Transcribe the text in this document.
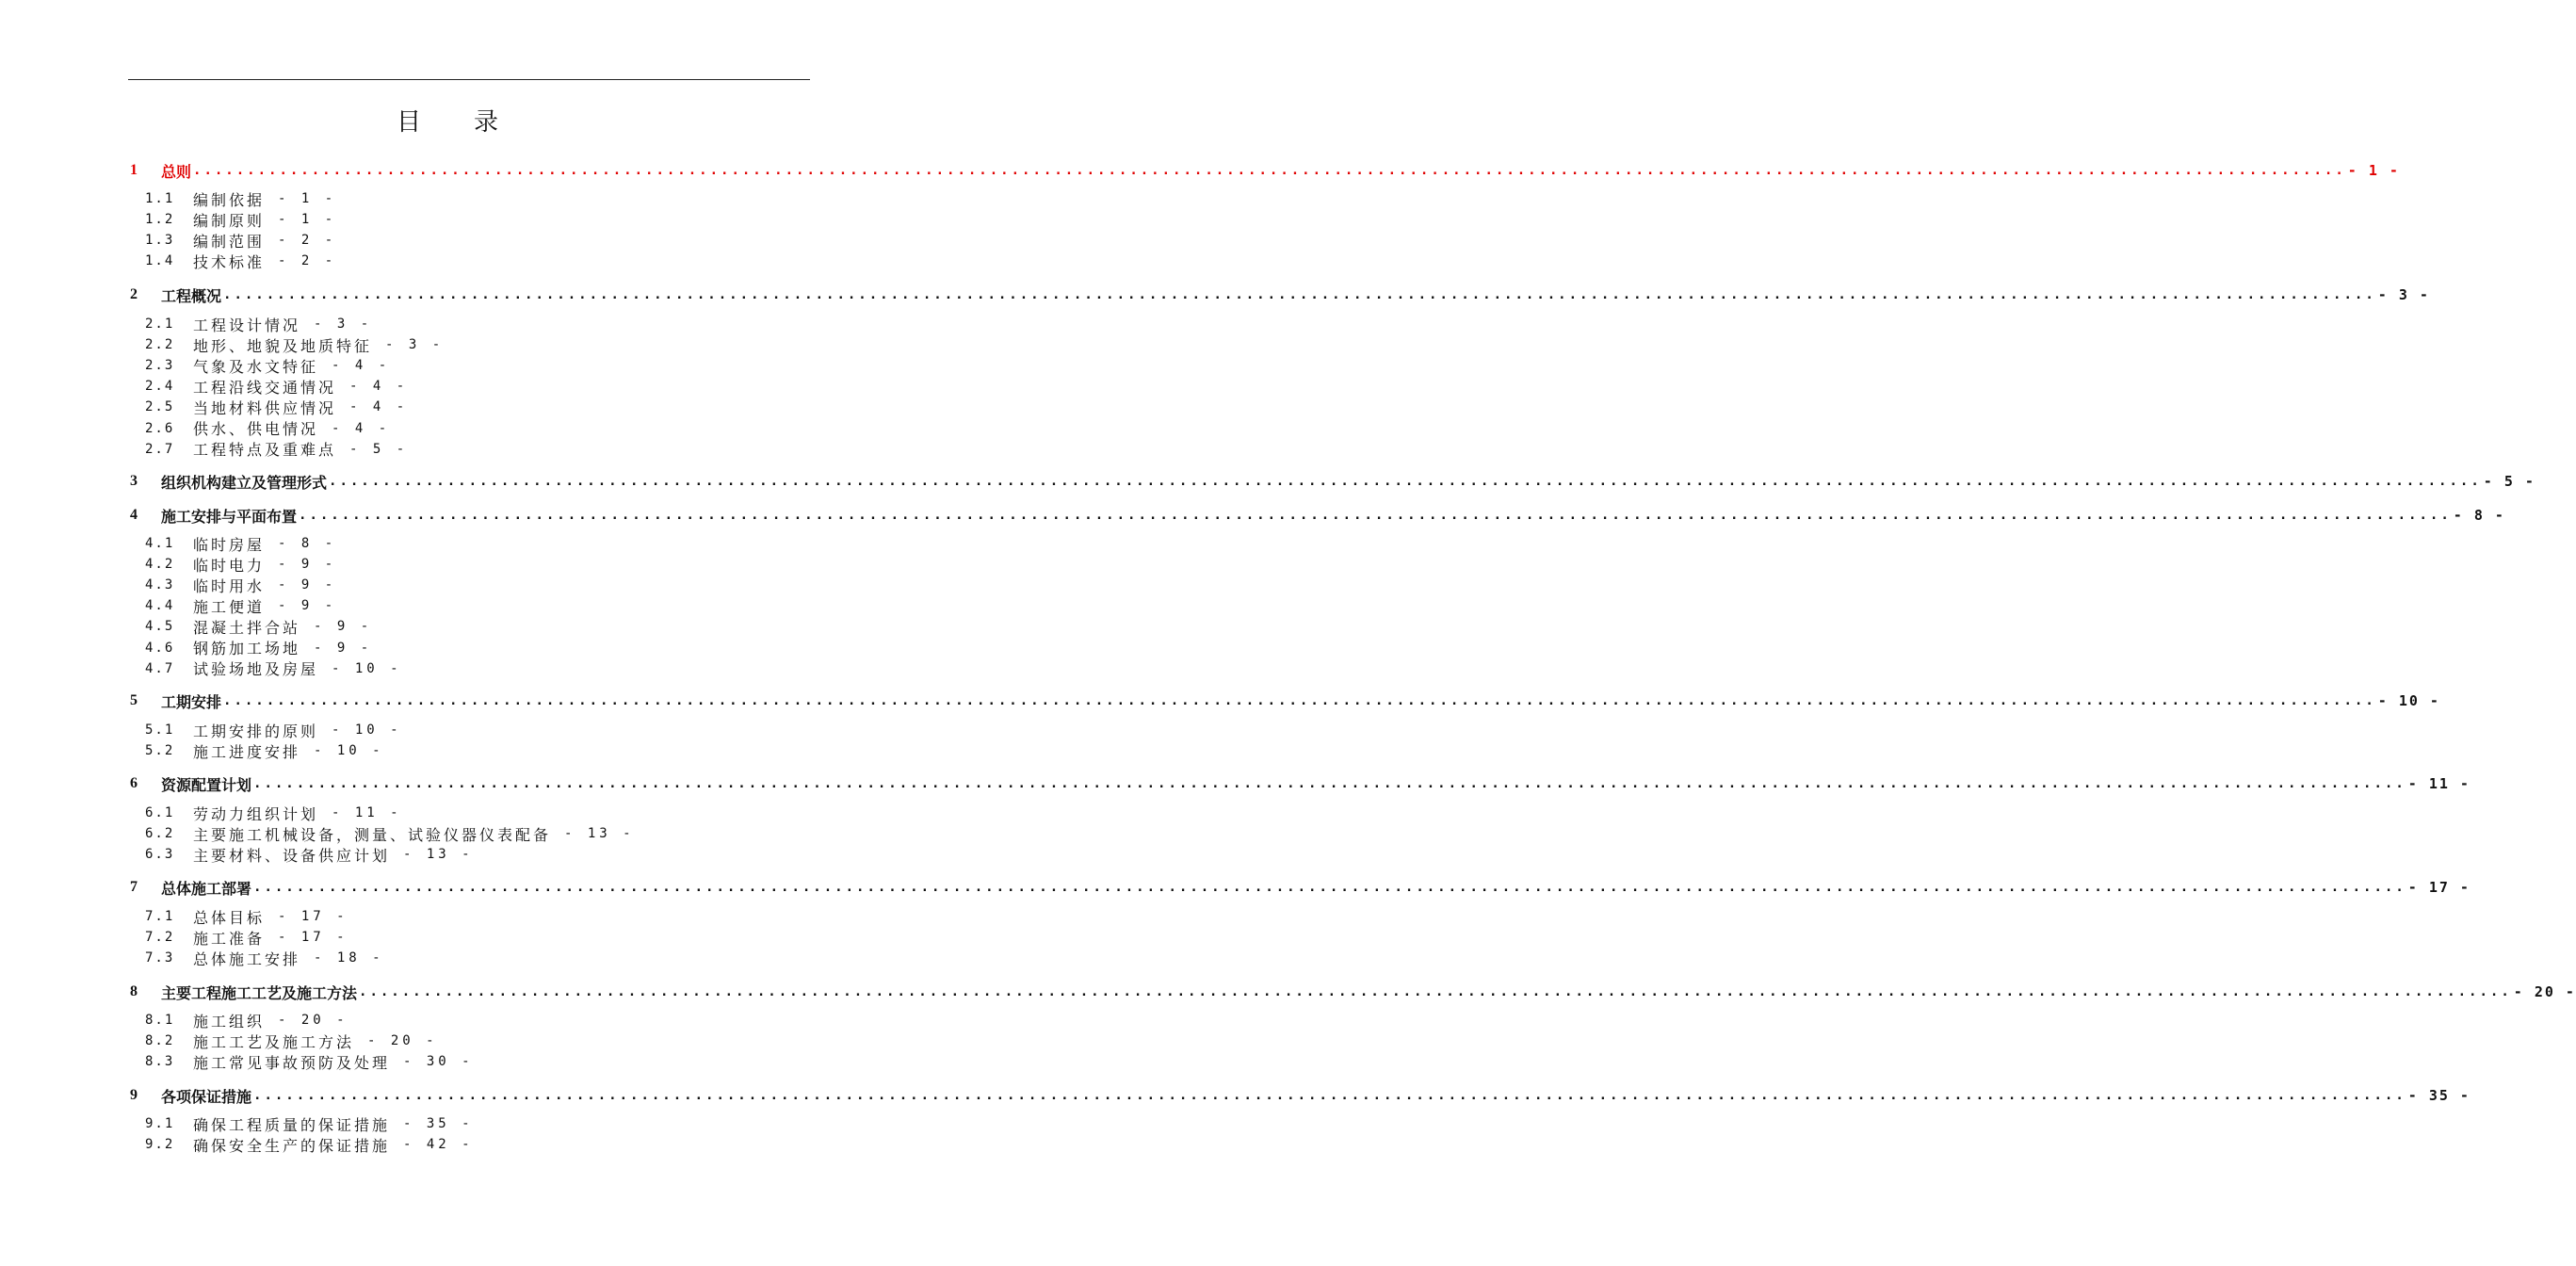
目 录
1	总则 ........................................................................................................................................................................................................ - 1 -
1.1	编制依据 - 1 -
1.2	编制原则 - 1 -
1.3	编制范围 - 2 -
1.4	技术标准 - 2 -
2	工程概况 ........................................................................................................................................................................................................ - 3 -
2.1	工程设计情况 - 3 -
2.2	地形、地貌及地质特征 - 3 -
2.3	气象及水文特征 - 4 -
2.4	工程沿线交通情况 - 4 -
2.5	当地材料供应情况 - 4 -
2.6	供水、供电情况 - 4 -
2.7	工程特点及重难点 - 5 -
3	组织机构建立及管理形式 ........................................................................................................................................................................................................ - 5 -
4	施工安排与平面布置 ........................................................................................................................................................................................................ - 8 -
4.1	临时房屋 - 8 -
4.2	临时电力 - 9 -
4.3	临时用水 - 9 -
4.4	施工便道 - 9 -
4.5	混凝土拌合站 - 9 -
4.6	钢筋加工场地 - 9 -
4.7	试验场地及房屋 - 10 -
5	工期安排 ........................................................................................................................................................................................................ - 10 -
5.1	工期安排的原则 - 10 -
5.2	施工进度安排 - 10 -
6	资源配置计划 ........................................................................................................................................................................................................ - 11 -
6.1	劳动力组织计划 - 11 -
6.2	主要施工机械设备，测量、试验仪器仪表配备 - 13 -
6.3	主要材料、设备供应计划 - 13 -
7	总体施工部署 ........................................................................................................................................................................................................ - 17 -
7.1	总体目标 - 17 -
7.2	施工准备 - 17 -
7.3	总体施工安排 - 18 -
8	主要工程施工工艺及施工方法 ........................................................................................................................................................................................................ - 20 -
8.1	施工组织 - 20 -
8.2	施工工艺及施工方法 - 20 -
8.3	施工常见事故预防及处理 - 30 -
9	各项保证措施 ........................................................................................................................................................................................................ - 35 -
9.1	确保工程质量的保证措施 - 35 -
9.2	确保安全生产的保证措施 - 42 -
